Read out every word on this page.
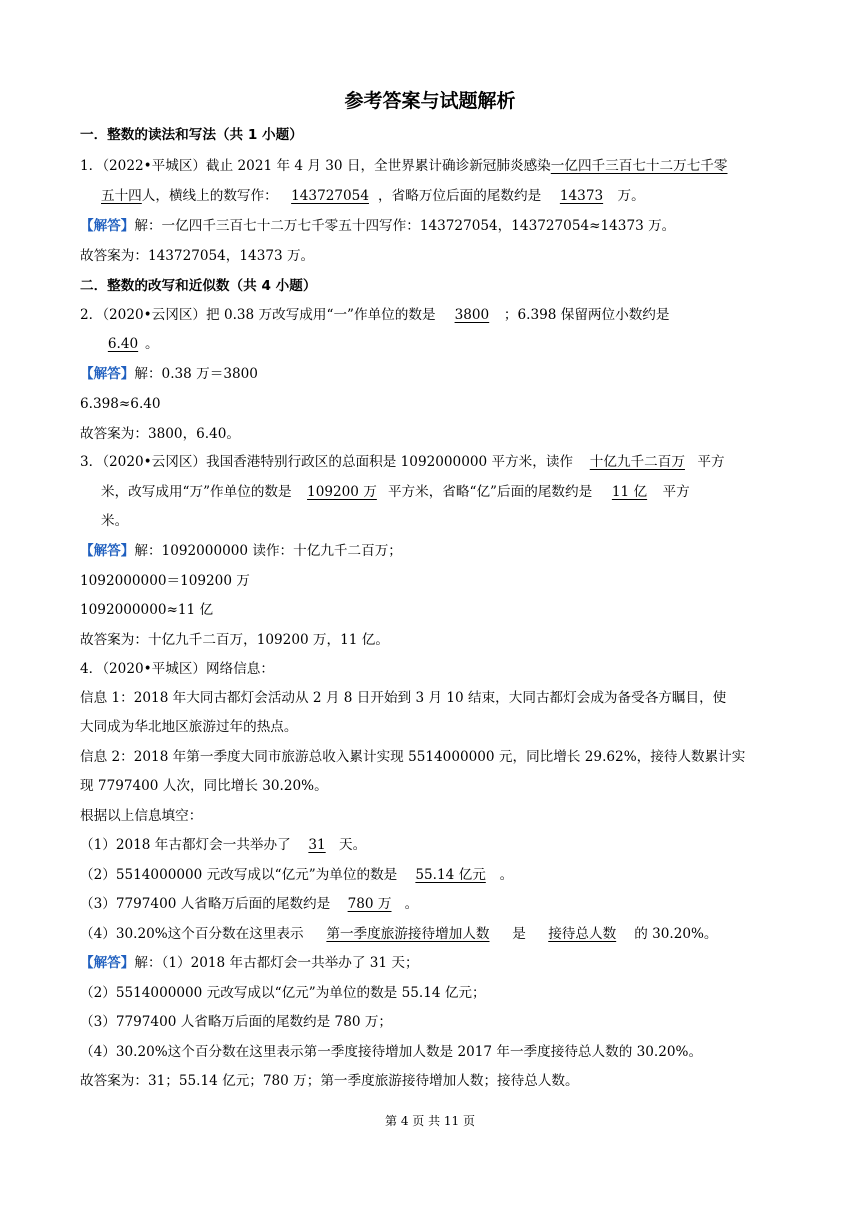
参考答案与试题解析
一．整数的读法和写法（共 1 小题）
1．（2022•平城区）截止 2021 年 4 月 30 日，全世界累计确诊新冠肺炎感染一亿四千三百七十二万七千零
五十四人，横线上的数写作： 143727054 ，省略万位后面的尾数约是 14373 万。
【解答】解：一亿四千三百七十二万七千零五十四写作：143727054，143727054≈14373 万。
故答案为：143727054，14373 万。
二．整数的改写和近似数（共 4 小题）
2．（2020•云冈区）把 0.38 万改写成用“一”作单位的数是 3800 ；6.398 保留两位小数约是
6.40 。
【解答】解：0.38 万＝3800
6.398≈6.40
故答案为：3800，6.40。
3．（2020•云冈区）我国香港特别行政区的总面积是 1092000000 平方米，读作 十亿九千二百万 平方
米，改写成用“万”作单位的数是 109200 万 平方米，省略“亿”后面的尾数约是 11 亿 平方
米。
【解答】解：1092000000 读作：十亿九千二百万；
1092000000＝109200 万
1092000000≈11 亿
故答案为：十亿九千二百万，109200 万，11 亿。
4．（2020•平城区）网络信息：
信息 1：2018 年大同古都灯会活动从 2 月 8 日开始到 3 月 10 结束，大同古都灯会成为备受各方瞩目，使
大同成为华北地区旅游过年的热点。
信息 2：2018 年第一季度大同市旅游总收入累计实现 5514000000 元，同比增长 29.62%，接待人数累计实
现 7797400 人次，同比增长 30.20%。
根据以上信息填空：
（1）2018 年古都灯会一共举办了 31 天。
（2）5514000000 元改写成以“亿元”为单位的数是 55.14 亿元 。
（3）7797400 人省略万后面的尾数约是 780 万 。
（4）30.20%这个百分数在这里表示 第一季度旅游接待增加人数 是 接待总人数 的 30.20%。
【解答】解：（1）2018 年古都灯会一共举办了 31 天；
（2）5514000000 元改写成以“亿元”为单位的数是 55.14 亿元；
（3）7797400 人省略万后面的尾数约是 780 万；
（4）30.20%这个百分数在这里表示第一季度接待增加人数是 2017 年一季度接待总人数的 30.20%。
故答案为：31；55.14 亿元；780 万；第一季度旅游接待增加人数；接待总人数。
第 4 页 共 11 页
